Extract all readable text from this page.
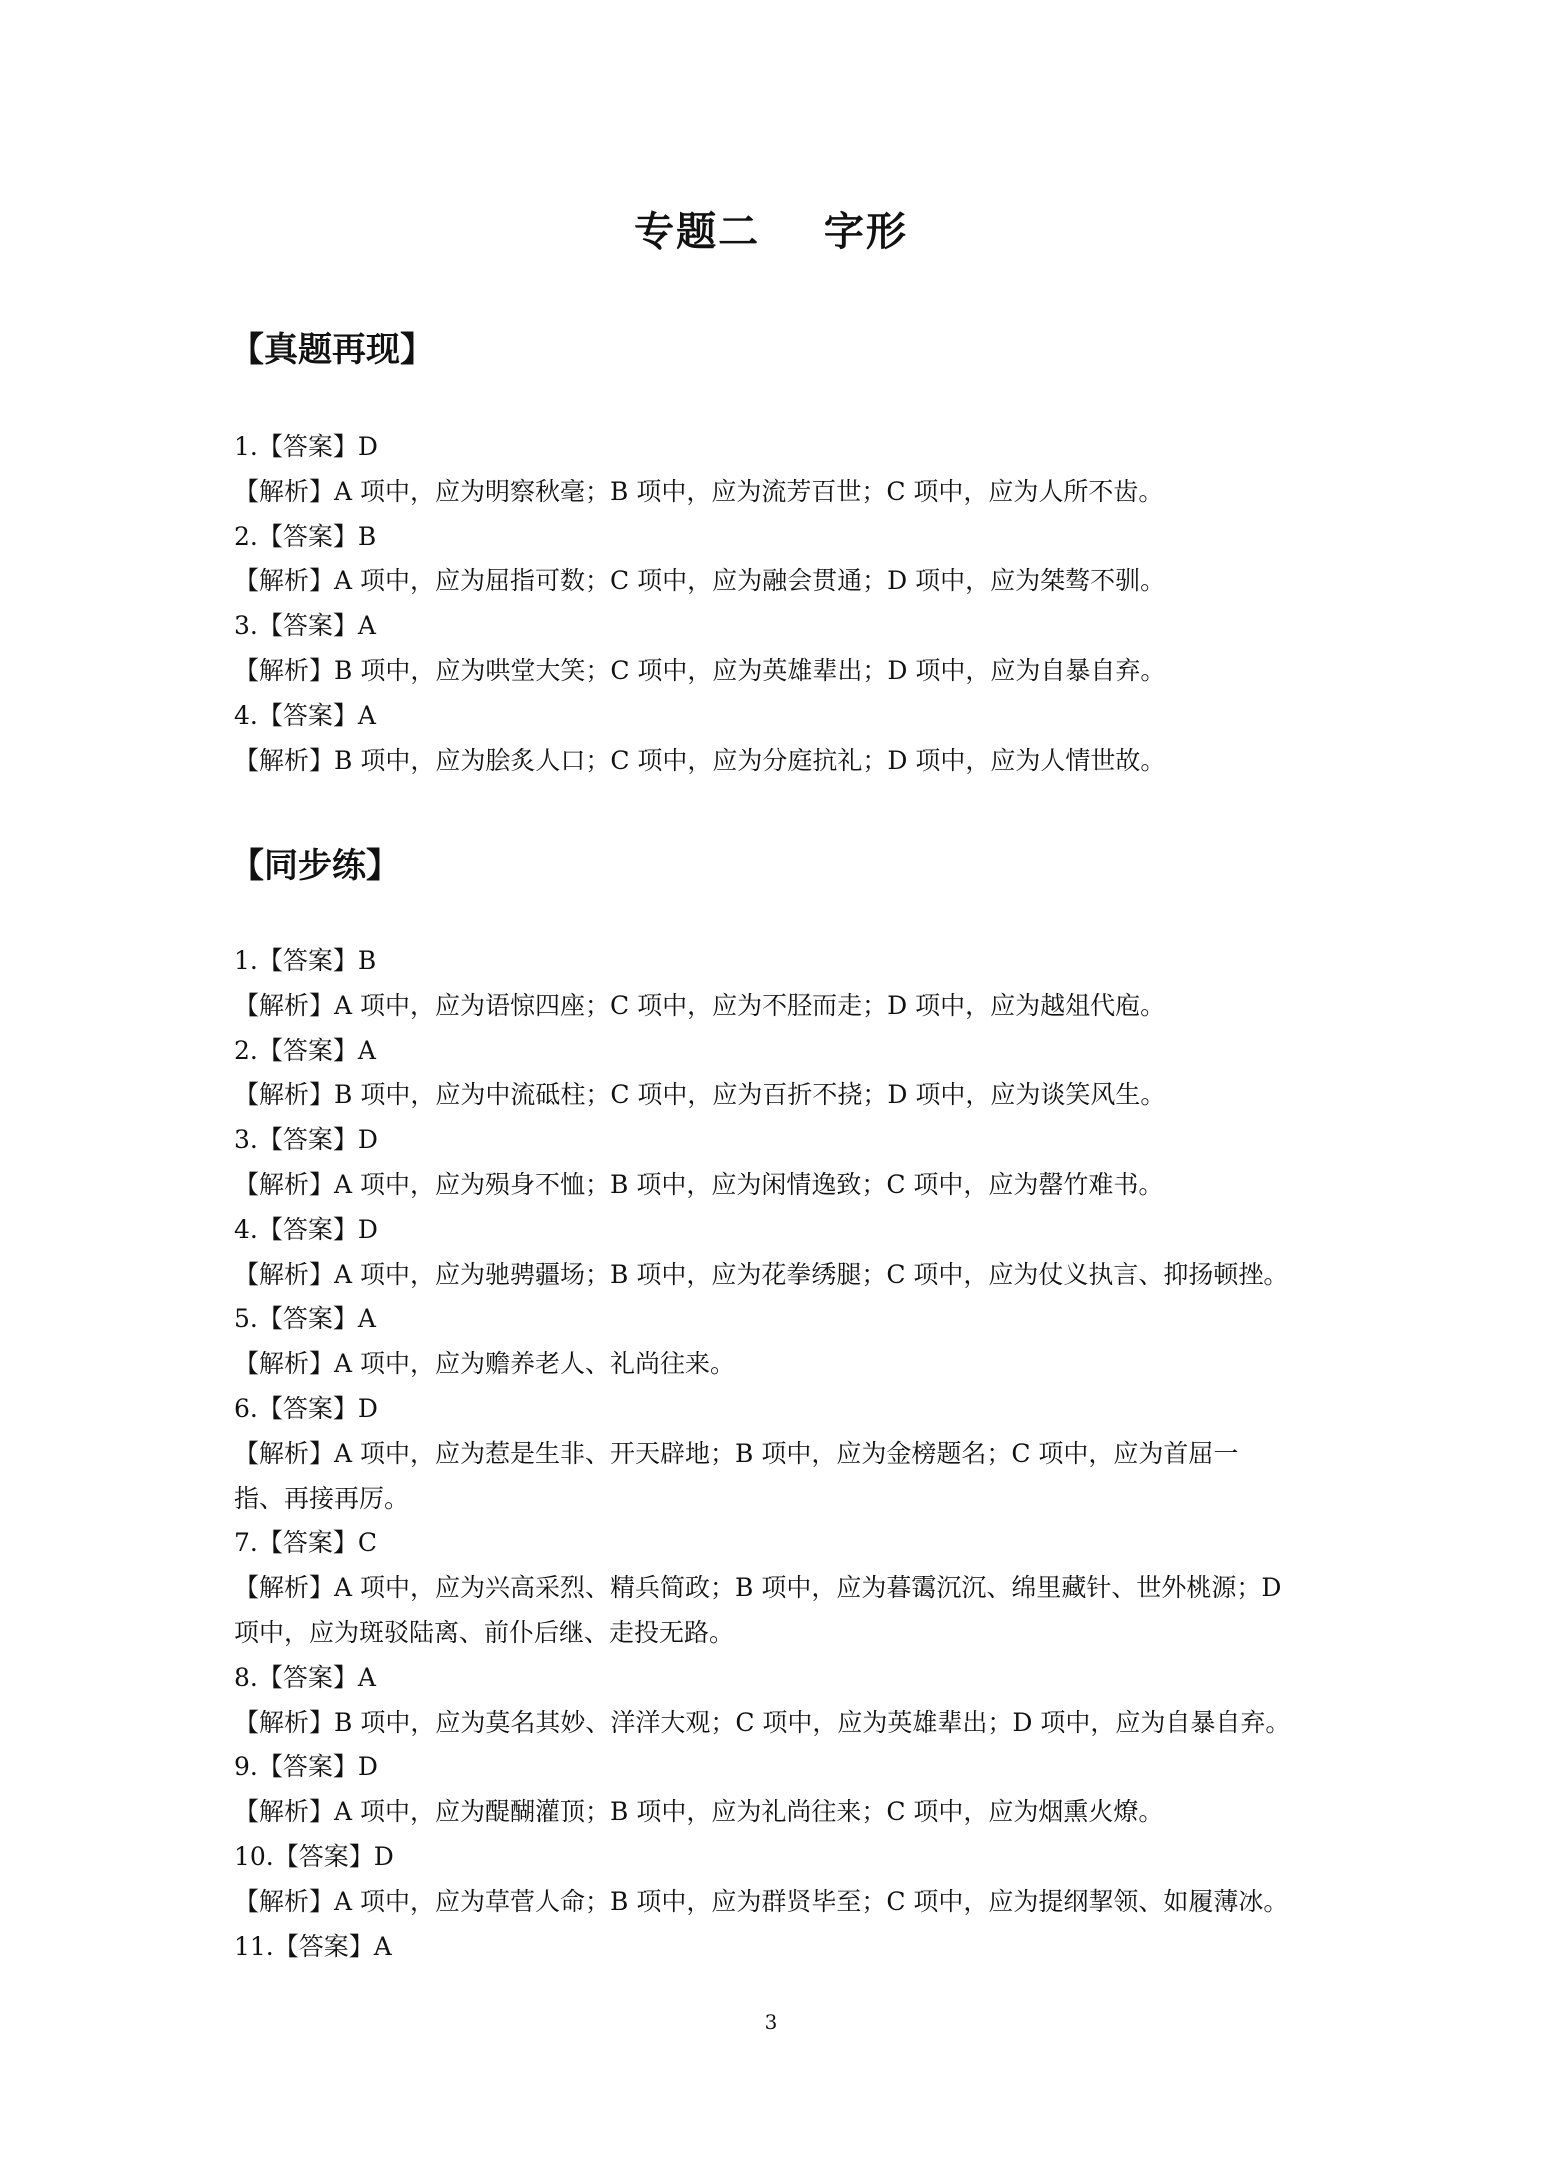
专题二    字形
【真题再现】
1.【答案】D
【解析】A 项中，应为明察秋毫；B 项中，应为流芳百世；C 项中，应为人所不齿。
2.【答案】B
【解析】A 项中，应为屈指可数；C 项中，应为融会贯通；D 项中，应为桀骜不驯。
3.【答案】A
【解析】B 项中，应为哄堂大笑；C 项中，应为英雄辈出；D 项中，应为自暴自弃。
4.【答案】A
【解析】B 项中，应为脍炙人口；C 项中，应为分庭抗礼；D 项中，应为人情世故。
【同步练】
1.【答案】B
【解析】A 项中，应为语惊四座；C 项中，应为不胫而走；D 项中，应为越俎代庖。
2.【答案】A
【解析】B 项中，应为中流砥柱；C 项中，应为百折不挠；D 项中，应为谈笑风生。
3.【答案】D
【解析】A 项中，应为殒身不恤；B 项中，应为闲情逸致；C 项中，应为罄竹难书。
4.【答案】D
【解析】A 项中，应为驰骋疆场；B 项中，应为花拳绣腿；C 项中，应为仗义执言、抑扬顿挫。
5.【答案】A
【解析】A 项中，应为赡养老人、礼尚往来。
6.【答案】D
【解析】A 项中，应为惹是生非、开天辟地；B 项中，应为金榜题名；C 项中，应为首屈一
指、再接再厉。
7.【答案】C
【解析】A 项中，应为兴高采烈、精兵简政；B 项中，应为暮霭沉沉、绵里藏针、世外桃源；D
项中，应为斑驳陆离、前仆后继、走投无路。
8.【答案】A
【解析】B 项中，应为莫名其妙、洋洋大观；C 项中，应为英雄辈出；D 项中，应为自暴自弃。
9.【答案】D
【解析】A 项中，应为醍醐灌顶；B 项中，应为礼尚往来；C 项中，应为烟熏火燎。
10.【答案】D
【解析】A 项中，应为草菅人命；B 项中，应为群贤毕至；C 项中，应为提纲挈领、如履薄冰。
11.【答案】A
3
